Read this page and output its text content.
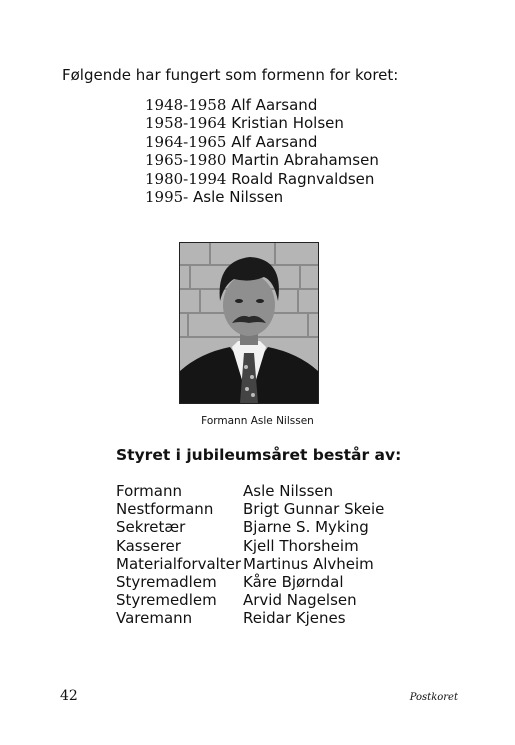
Følgende har fungert som formenn for koret:
1948-1958 Alf Aarsand
1958-1964 Kristian Holsen
1964-1965 Alf Aarsand
1965-1980 Martin Abrahamsen
1980-1994 Roald Ragnvaldsen
1995- Asle Nilssen
Formann Asle Nilssen
Styret i jubileumsåret består av:
Formann	Asle Nilssen
Nestformann	Brigt Gunnar Skeie
Sekretær	Bjarne S. Myking
Kasserer	Kjell Thorsheim
Materialforvalter	Martinus Alvheim
Styremadlem	Kåre Bjørndal
Styremedlem	Arvid Nagelsen
Varemann	Reidar Kjenes
42	Postkoret
